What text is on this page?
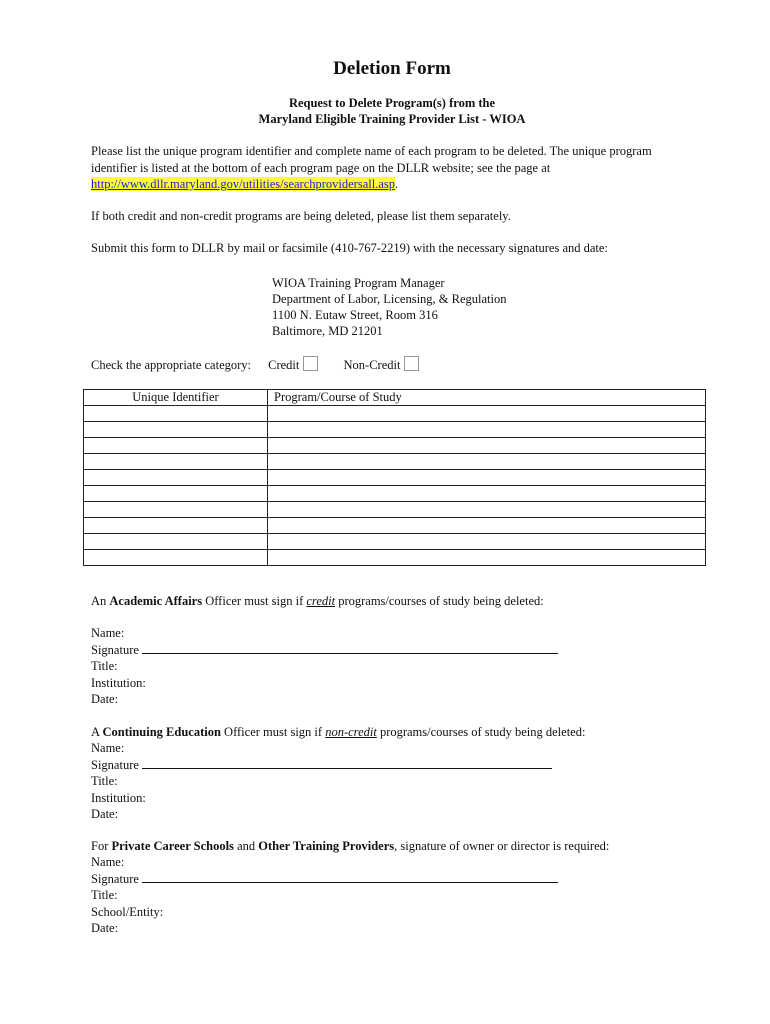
Deletion Form
Request to Delete Program(s) from the
Maryland Eligible Training Provider List - WIOA
Please list the unique program identifier and complete name of each program to be deleted. The unique program identifier is listed at the bottom of each program page on the DLLR website; see the page at http://www.dllr.maryland.gov/utilities/searchprovidersall.asp.
If both credit and non-credit programs are being deleted, please list them separately.
Submit this form to DLLR by mail or facsimile (410-767-2219) with the necessary signatures and date:
WIOA Training Program Manager
Department of Labor, Licensing, & Regulation
1100 N. Eutaw Street, Room 316
Baltimore, MD 21201
Check the appropriate category: Credit	Non-Credit
Unique Identifier	Program/Course of Study

An Academic Affairs Officer must sign if credit programs/courses of study being deleted:
Name:
Signature
Title:
Institution:
Date:
A Continuing Education Officer must sign if non-credit programs/courses of study being deleted:
Name:
Signature
Title:
Institution:
Date:
For Private Career Schools and Other Training Providers, signature of owner or director is required:
Name:
Signature
Title:
School/Entity:
Date:
